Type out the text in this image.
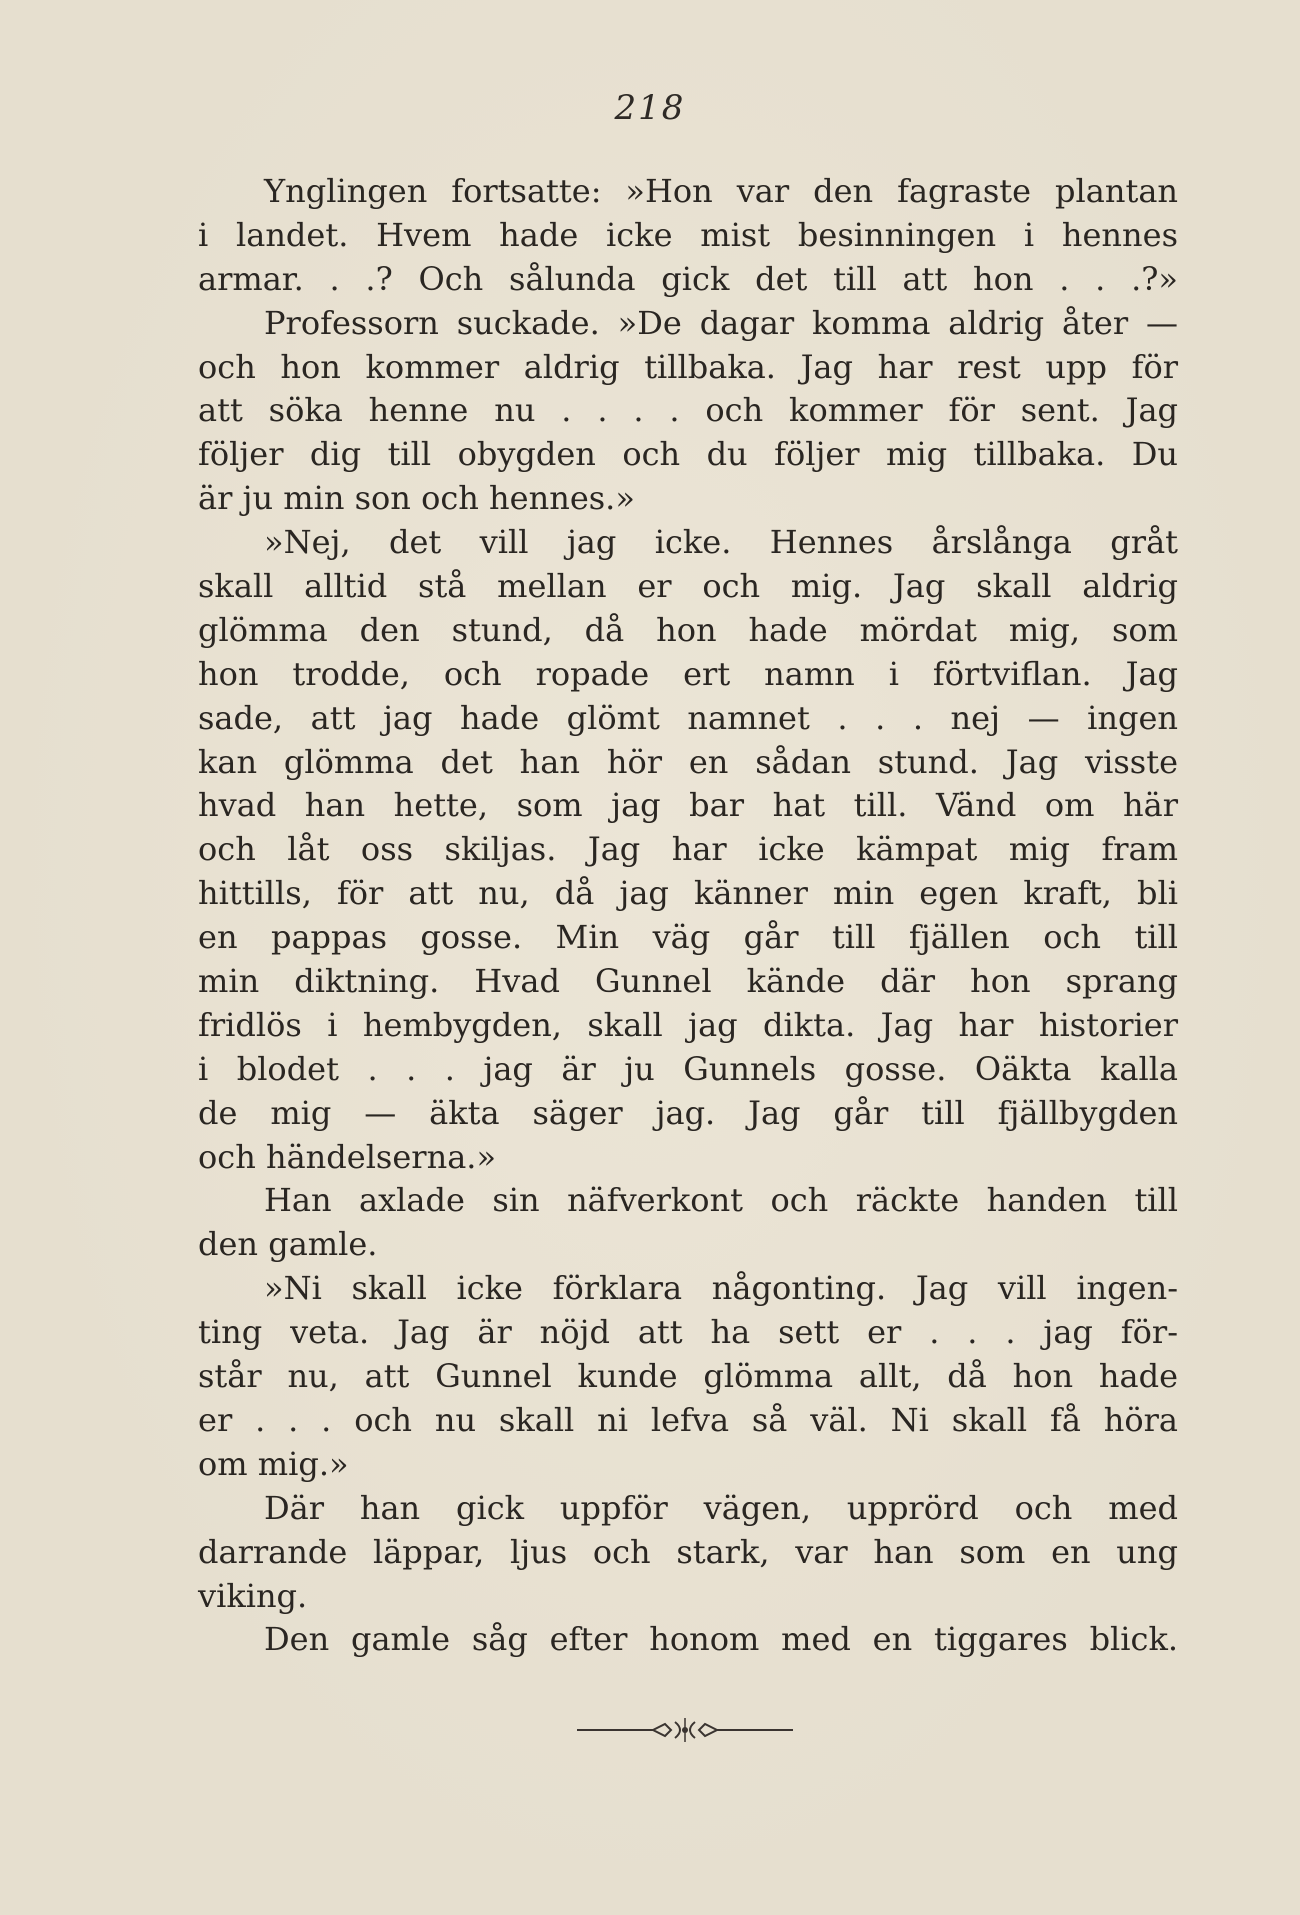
218
Ynglingen fortsatte: »Hon var den fagraste plantan
i landet. Hvem hade icke mist besinningen i hennes
armar. . .? Och sålunda gick det till att hon . . .?»
Professorn suckade. »De dagar komma aldrig åter —
och hon kommer aldrig tillbaka. Jag har rest upp för
att söka henne nu . . . . och kommer för sent. Jag
följer dig till obygden och du följer mig tillbaka. Du
är ju min son och hennes.»
»Nej, det vill jag icke. Hennes årslånga gråt
skall alltid stå mellan er och mig. Jag skall aldrig
glömma den stund, då hon hade mördat mig, som
hon trodde, och ropade ert namn i förtviflan. Jag
sade, att jag hade glömt namnet . . . nej — ingen
kan glömma det han hör en sådan stund. Jag visste
hvad han hette, som jag bar hat till. Vänd om här
och låt oss skiljas. Jag har icke kämpat mig fram
hittills, för att nu, då jag känner min egen kraft, bli
en pappas gosse. Min väg går till fjällen och till
min diktning. Hvad Gunnel kände där hon sprang
fridlös i hembygden, skall jag dikta. Jag har historier
i blodet . . . jag är ju Gunnels gosse. Oäkta kalla
de mig — äkta säger jag. Jag går till fjällbygden
och händelserna.»
Han axlade sin näfverkont och räckte handen till
den gamle.
»Ni skall icke förklara någonting. Jag vill ingen-
ting veta. Jag är nöjd att ha sett er . . . jag för-
står nu, att Gunnel kunde glömma allt, då hon hade
er . . . och nu skall ni lefva så väl. Ni skall få höra
om mig.»
Där han gick uppför vägen, upprörd och med
darrande läppar, ljus och stark, var han som en ung
viking.
Den gamle såg efter honom med en tiggares blick.
